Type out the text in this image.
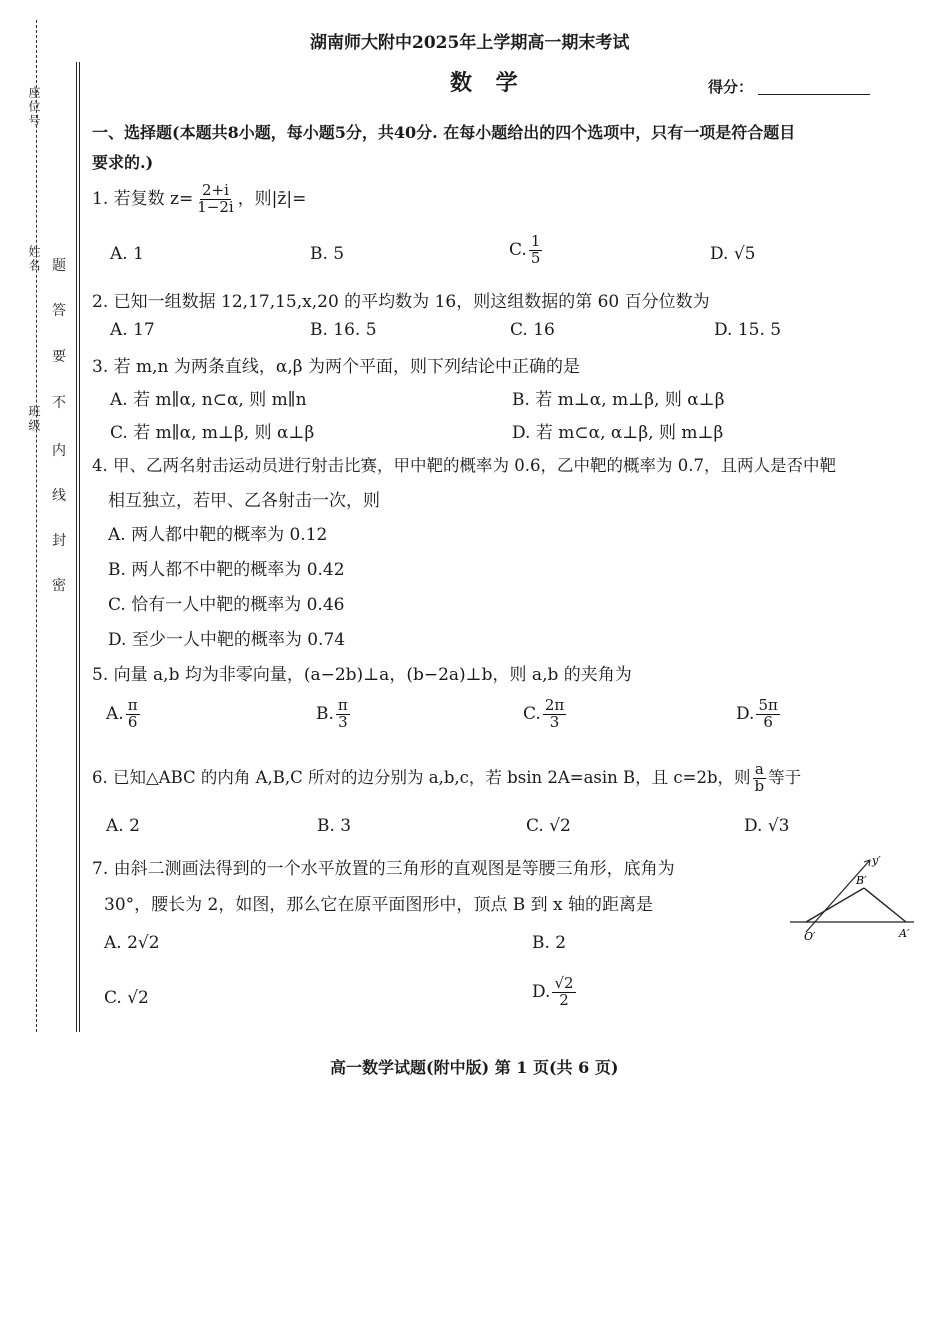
座位号
姓名
班级
密
封
线
内
不
要
答
题
湖南师大附中2025年上学期高一期末考试
数 学	得分：
一、选择题(本题共8小题，每小题5分，共40分. 在每小题给出的四个选项中，只有一项是符合题目
要求的.)
1. 若复数 $z= \frac{2+i}{1-2i}$ ，则|z̄|=
A. 1	B. 5	C. $\frac{1}{5}$	D. √5
2. 已知一组数据 12,17,15,x,20 的平均数为 16，则这组数据的第 60 百分位数为
A. 17	B. 16. 5	C. 16	D. 15. 5
3. 若 m,n 为两条直线，α,β 为两个平面，则下列结论中正确的是
A. 若 m∥α, n⊂α, 则 m∥n	B. 若 m⊥α, m⊥β, 则 α⊥β
C. 若 m∥α, m⊥β, 则 α⊥β	D. 若 m⊂α, α⊥β, 则 m⊥β
4. 甲、乙两名射击运动员进行射击比赛，甲中靶的概率为 0.6，乙中靶的概率为 0.7，且两人是否中靶
相互独立，若甲、乙各射击一次，则
A. 两人都中靶的概率为 0.12
B. 两人都不中靶的概率为 0.42
C. 恰有一人中靶的概率为 0.46
D. 至少一人中靶的概率为 0.74
5. 向量 a,b 均为非零向量，(a−2b)⊥a，(b−2a)⊥b，则 a,b 的夹角为
A. $\frac{\pi}{6}$	B. $\frac{\pi}{3}$	C. $\frac{2\pi}{3}$	D. $\frac{5\pi}{6}$
6. 已知△ABC 的内角 A,B,C 所对的边分别为 a,b,c，若 bsin 2A=asin B，且 c=2b，则 $\frac{a}{b}$ 等于
A. 2	B. 3	C. √2	D. √3
7. 由斜二测画法得到的一个水平放置的三角形的直观图是等腰三角形，底角为
30°，腰长为 2，如图，那么它在原平面图形中，顶点 B 到 x 轴的距离是
A. 2√2	B. 2
C. √2	D. $\frac{√2}{2}$
y′
B′
O′	A′
高一数学试题(附中版) 第 1 页(共 6 页)
